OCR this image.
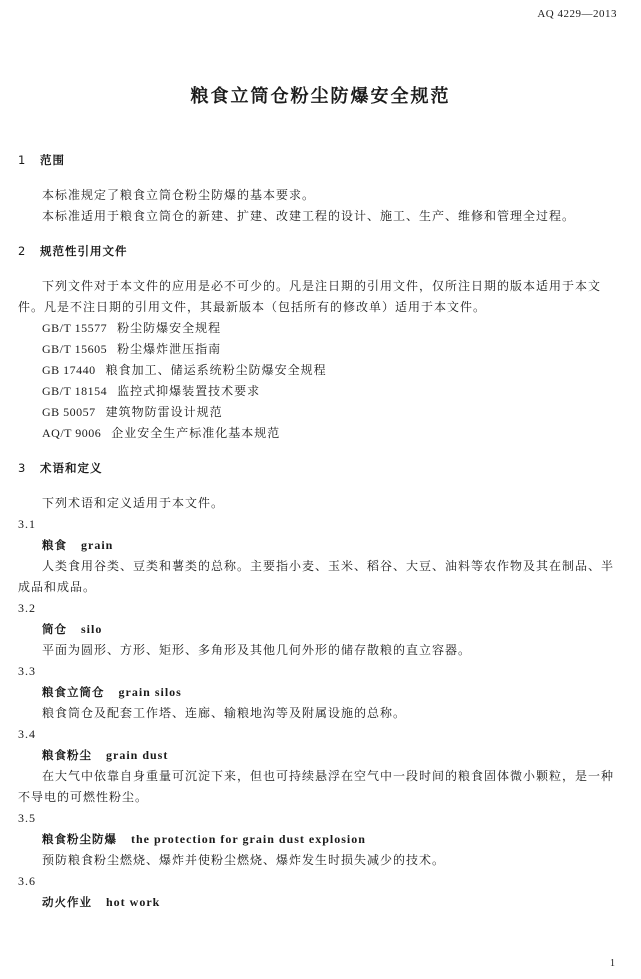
AQ 4229—2013
粮食立筒仓粉尘防爆安全规范
1 范围

本标准规定了粮食立筒仓粉尘防爆的基本要求。

本标准适用于粮食立筒仓的新建、扩建、改建工程的设计、施工、生产、维修和管理全过程。

2 规范性引用文件

下列文件对于本文件的应用是必不可少的。凡是注日期的引用文件，仅所注日期的版本适用于本文件。凡是不注日期的引用文件，其最新版本（包括所有的修改单）适用于本文件。

GB/T 15577 粉尘防爆安全规程

GB/T 15605 粉尘爆炸泄压指南

GB 17440 粮食加工、储运系统粉尘防爆安全规程

GB/T 18154 监控式抑爆装置技术要求

GB 50057 建筑物防雷设计规范

AQ/T 9006 企业安全生产标准化基本规范

3 术语和定义

下列术语和定义适用于本文件。

3.1

粮食 grain

人类食用谷类、豆类和薯类的总称。主要指小麦、玉米、稻谷、大豆、油料等农作物及其在制品、半成品和成品。

3.2

筒仓 silo

平面为圆形、方形、矩形、多角形及其他几何外形的储存散粮的直立容器。

3.3

粮食立筒仓 grain silos

粮食筒仓及配套工作塔、连廊、输粮地沟等及附属设施的总称。

3.4

粮食粉尘 grain dust

在大气中依靠自身重量可沉淀下来，但也可持续悬浮在空气中一段时间的粮食固体微小颗粒，是一种不导电的可燃性粉尘。

3.5

粮食粉尘防爆 the protection for grain dust explosion

预防粮食粉尘燃烧、爆炸并使粉尘燃烧、爆炸发生时损失减少的技术。

3.6

动火作业 hot work

1
